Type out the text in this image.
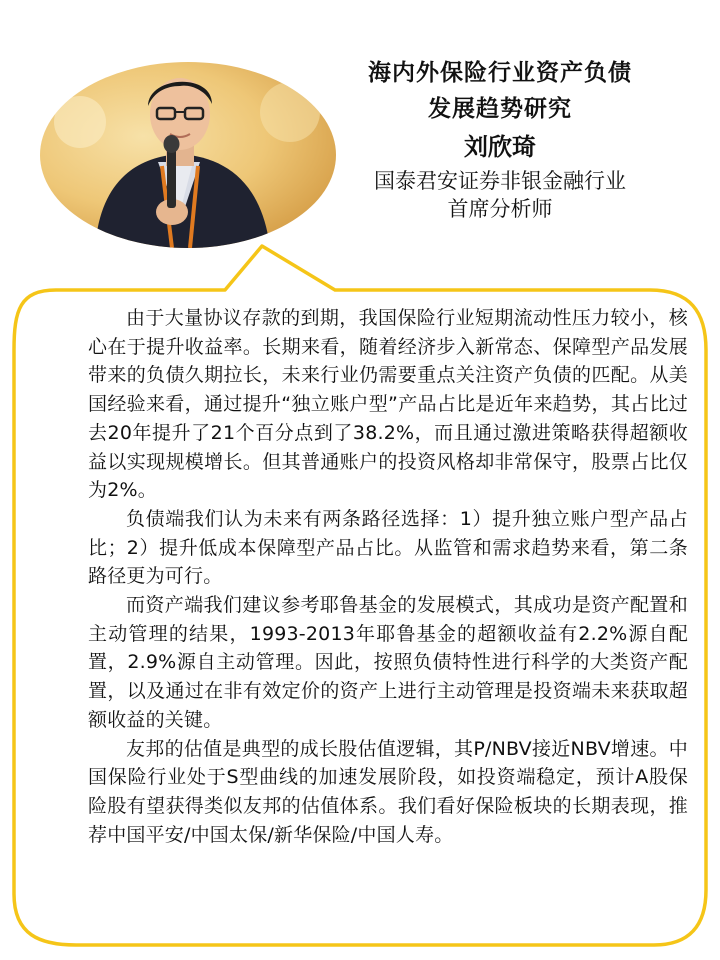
海内外保险行业资产负债
发展趋势研究
刘欣琦
国泰君安证券非银金融行业
首席分析师

由于大量协议存款的到期，我国保险行业短期流动性压力较小，核心在于提升收益率。长期来看，随着经济步入新常态、保障型产品发展带来的负债久期拉长，未来行业仍需要重点关注资产负债的匹配。从美国经验来看，通过提升“独立账户型”产品占比是近年来趋势，其占比过去20年提升了21个百分点到了38.2%，而且通过激进策略获得超额收益以实现规模增长。但其普通账户的投资风格却非常保守，股票占比仅为2%。

负债端我们认为未来有两条路径选择：1）提升独立账户型产品占比；2）提升低成本保障型产品占比。从监管和需求趋势来看，第二条路径更为可行。

而资产端我们建议参考耶鲁基金的发展模式，其成功是资产配置和主动管理的结果，1993-2013年耶鲁基金的超额收益有2.2%源自配置，2.9%源自主动管理。因此，按照负债特性进行科学的大类资产配置，以及通过在非有效定价的资产上进行主动管理是投资端未来获取超额收益的关键。

友邦的估值是典型的成长股估值逻辑，其P/NBV接近NBV增速。中国保险行业处于S型曲线的加速发展阶段，如投资端稳定，预计A股保险股有望获得类似友邦的估值体系。我们看好保险板块的长期表现，推荐中国平安/中国太保/新华保险/中国人寿。
